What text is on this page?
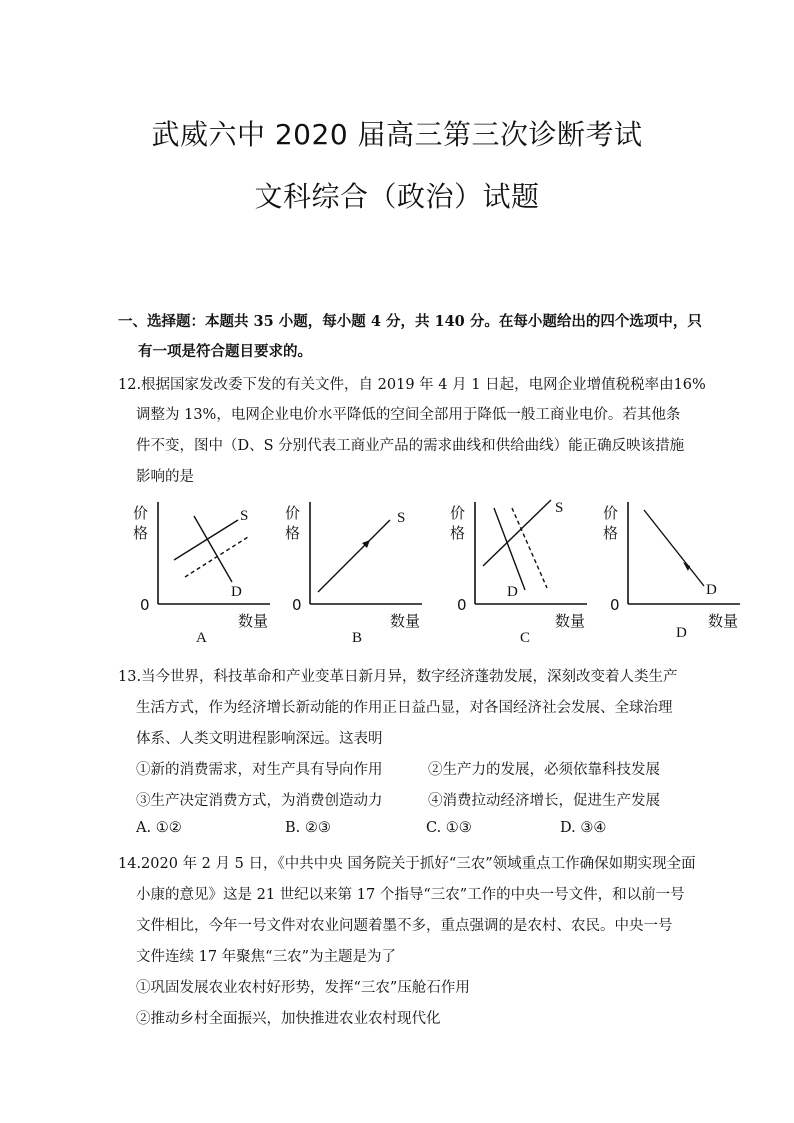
武威六中 2020 届高三第三次诊断考试
文科综合（政治）试题
一、选择题：本题共 35 小题，每小题 4 分，共 140 分。在每小题给出的四个选项中，只
有一项是符合题目要求的。
12.根据国家发改委下发的有关文件，自 2019 年 4 月 1 日起，电网企业增值税税率由16%
调整为 13%，电网企业电价水平降低的空间全部用于降低一般工商业电价。若其他条
件不变，图中（D、S 分别代表工商业产品的需求曲线和供给曲线）能正确反映该措施
影响的是
价
格
0
数量
S
D
A
价
格
0
数量
S
B
价
格
0
数量
S
D
C
价
格
0
数量
D
D
13.当今世界，科技革命和产业变革日新月异，数字经济蓬勃发展，深刻改变着人类生产
生活方式，作为经济增长新动能的作用正日益凸显，对各国经济社会发展、全球治理
体系、人类文明进程影响深远。这表明
①新的消费需求，对生产具有导向作用	②生产力的发展，必须依靠科技发展
③生产决定消费方式，为消费创造动力	④消费拉动经济增长，促进生产发展
A. ①②	B. ②③	C. ①③	D. ③④
14.2020 年 2 月 5 日，《中共中央 国务院关于抓好“三农”领域重点工作确保如期实现全面
小康的意见》这是 21 世纪以来第 17 个指导“三农”工作的中央一号文件，和以前一号
文件相比，今年一号文件对农业问题着墨不多，重点强调的是农村、农民。中央一号
文件连续 17 年聚焦“三农”为主题是为了
①巩固发展农业农村好形势，发挥“三农”压舱石作用
②推动乡村全面振兴，加快推进农业农村现代化
